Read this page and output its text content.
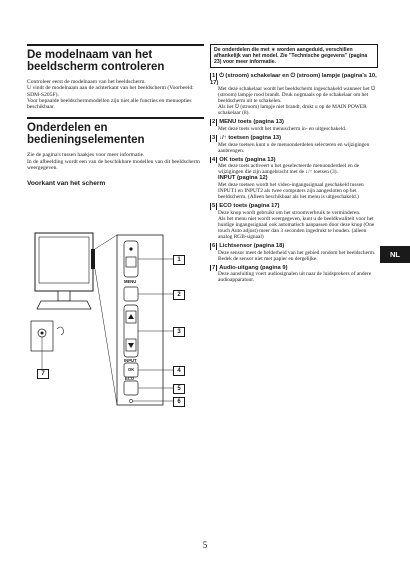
De modelnaam van het beeldscherm controleren

Controleer eerst de modelnaam van het beeldscherm.
U vindt de modelnaam aan de achterkant van het beeldscherm (Voorbeeld: SDM-S205F).
Voor bepaalde beeldschermmodellen zijn niet alle functies en menuopties beschikbaar.

Onderdelen en bedieningselementen

Zie de pagina's tussen haakjes voor meer informatie.
In de afbeelding wordt een van de beschikbare modellen van dit beeldscherm weergegeven.

Voorkant van het scherm
MENU
INPUT
OK
ECO
1
2
3
4
5
6
7
De onderdelen die met ∗ worden aangeduid, verschillen afhankelijk van het model. Zie "Technische gegevens" (pagina 23) voor meer informatie.
1 ⏻ (stroom) schakelaar en ⏻ (stroom) lampje (pagina's 10, 17)
Met deze schakelaar wordt het beeldscherm ingeschakeld wanneer het ⏻ (stroom) lampje rood brandt. Druk nogmaals op de schakelaar om het beeldscherm uit te schakelen.
Als het ⏻ (stroom) lampje niet brandt, drukt u op de MAIN POWER schakelaar (8).
2 MENU toets (pagina 13)
Met deze toets wordt het menuscherm in- en uitgeschakeld.
3 ↓/↑ toetsen (pagina 13)
Met deze toetsen kunt u de menuonderdelen selecteren en wijzigingen aanbrengen.
4 OK toets (pagina 13)
Met deze toets activeert u het geselecteerde menuonderdeel en de wijzigingen die zijn aangebracht met de ↓/↑ toetsen (3).
INPUT (pagina 12)
Met deze toetsen wordt het video-ingangssignaal geschakeld tussen INPUT1 en INPUT2 als twee computers zijn aangesloten op het beeldscherm. (Alleen beschikbaar als het menu is uitgeschakeld.)
5 ECO toets (pagina 17)
Deze knop wordt gebruikt om het stroomverbruik te verminderen.
Als het menu niet wordt weergegeven, kunt u de beeldkwaliteit voor het huidige ingangssignaal ook automatisch aanpassen door deze knop (One touch Auto adjust) meer dan 3 seconden ingedrukt te houden. (alleen analog RGB-signaal)
6 Lichtsensor (pagina 18)
Deze sensor meet de helderheid van het gebied rondom het beeldscherm. Bedek de sensor niet met papier en dergelijke.
7 Audio-uitgang (pagina 9)
Deze aansluiting voert audiosignalen uit naar de luidsprekers of andere audioapparatuur.
NL
5
